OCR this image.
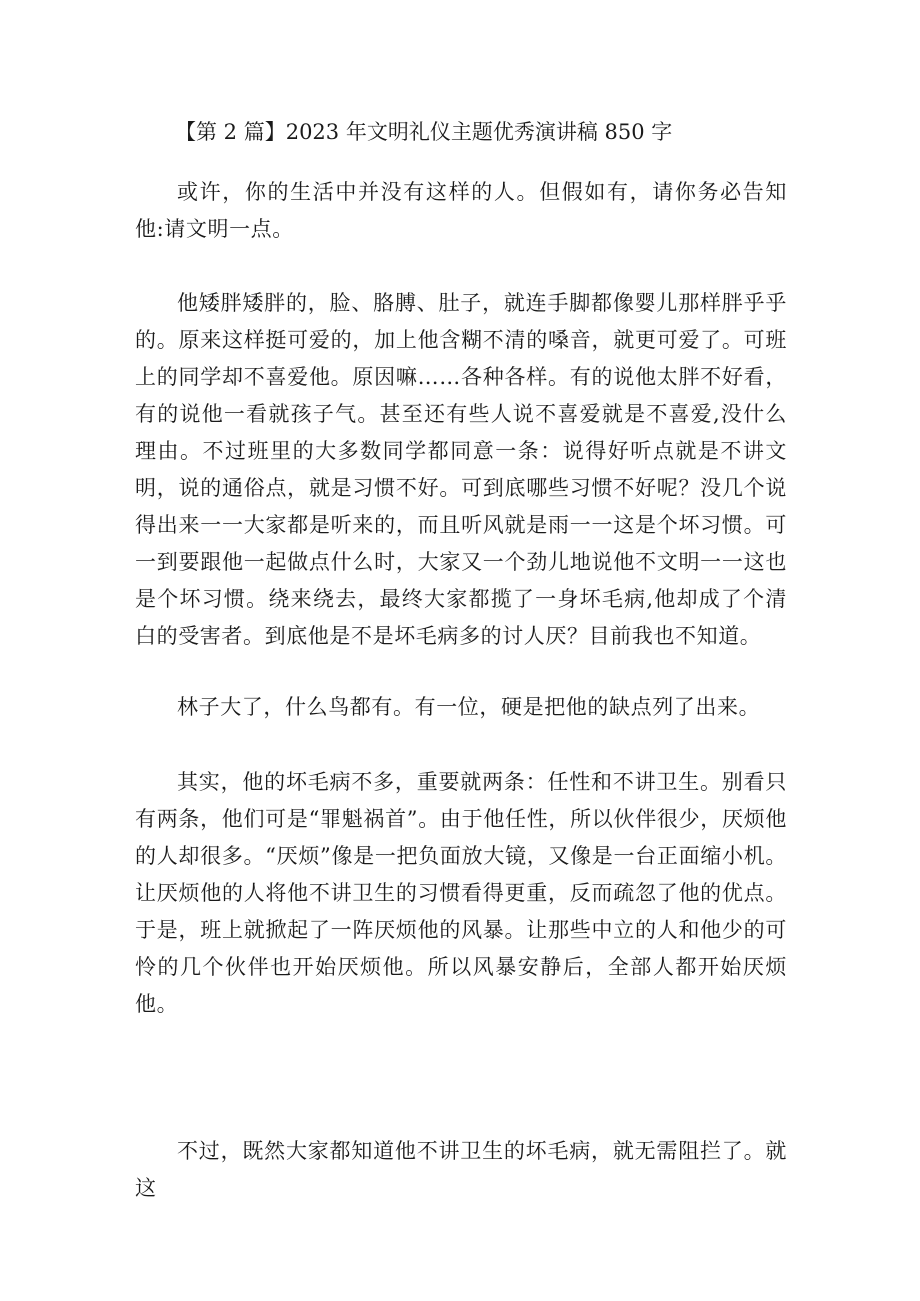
【第 2 篇】2023 年文明礼仪主题优秀演讲稿 850 字

或许，你的生活中并没有这样的人。但假如有，请你务必告知他:请文明一点。

他矮胖矮胖的，脸、胳膊、肚子，就连手脚都像婴儿那样胖乎乎的。原来这样挺可爱的，加上他含糊不清的嗓音，就更可爱了。可班上的同学却不喜爱他。原因嘛……各种各样。有的说他太胖不好看，有的说他一看就孩子气。甚至还有些人说不喜爱就是不喜爱,没什么理由。不过班里的大多数同学都同意一条：说得好听点就是不讲文明，说的通俗点，就是习惯不好。可到底哪些习惯不好呢？没几个说得出来一一大家都是听来的，而且听风就是雨一一这是个坏习惯。可一到要跟他一起做点什么时，大家又一个劲儿地说他不文明一一这也是个坏习惯。绕来绕去，最终大家都揽了一身坏毛病,他却成了个清白的受害者。到底他是不是坏毛病多的讨人厌？目前我也不知道。

林子大了，什么鸟都有。有一位，硬是把他的缺点列了出来。

其实，他的坏毛病不多，重要就两条：任性和不讲卫生。别看只有两条，他们可是“罪魁祸首”。由于他任性，所以伙伴很少，厌烦他的人却很多。“厌烦”像是一把负面放大镜，又像是一台正面缩小机。让厌烦他的人将他不讲卫生的习惯看得更重，反而疏忽了他的优点。于是，班上就掀起了一阵厌烦他的风暴。让那些中立的人和他少的可怜的几个伙伴也开始厌烦他。所以风暴安静后，全部人都开始厌烦他。

不过，既然大家都知道他不讲卫生的坏毛病，就无需阻拦了。就这
